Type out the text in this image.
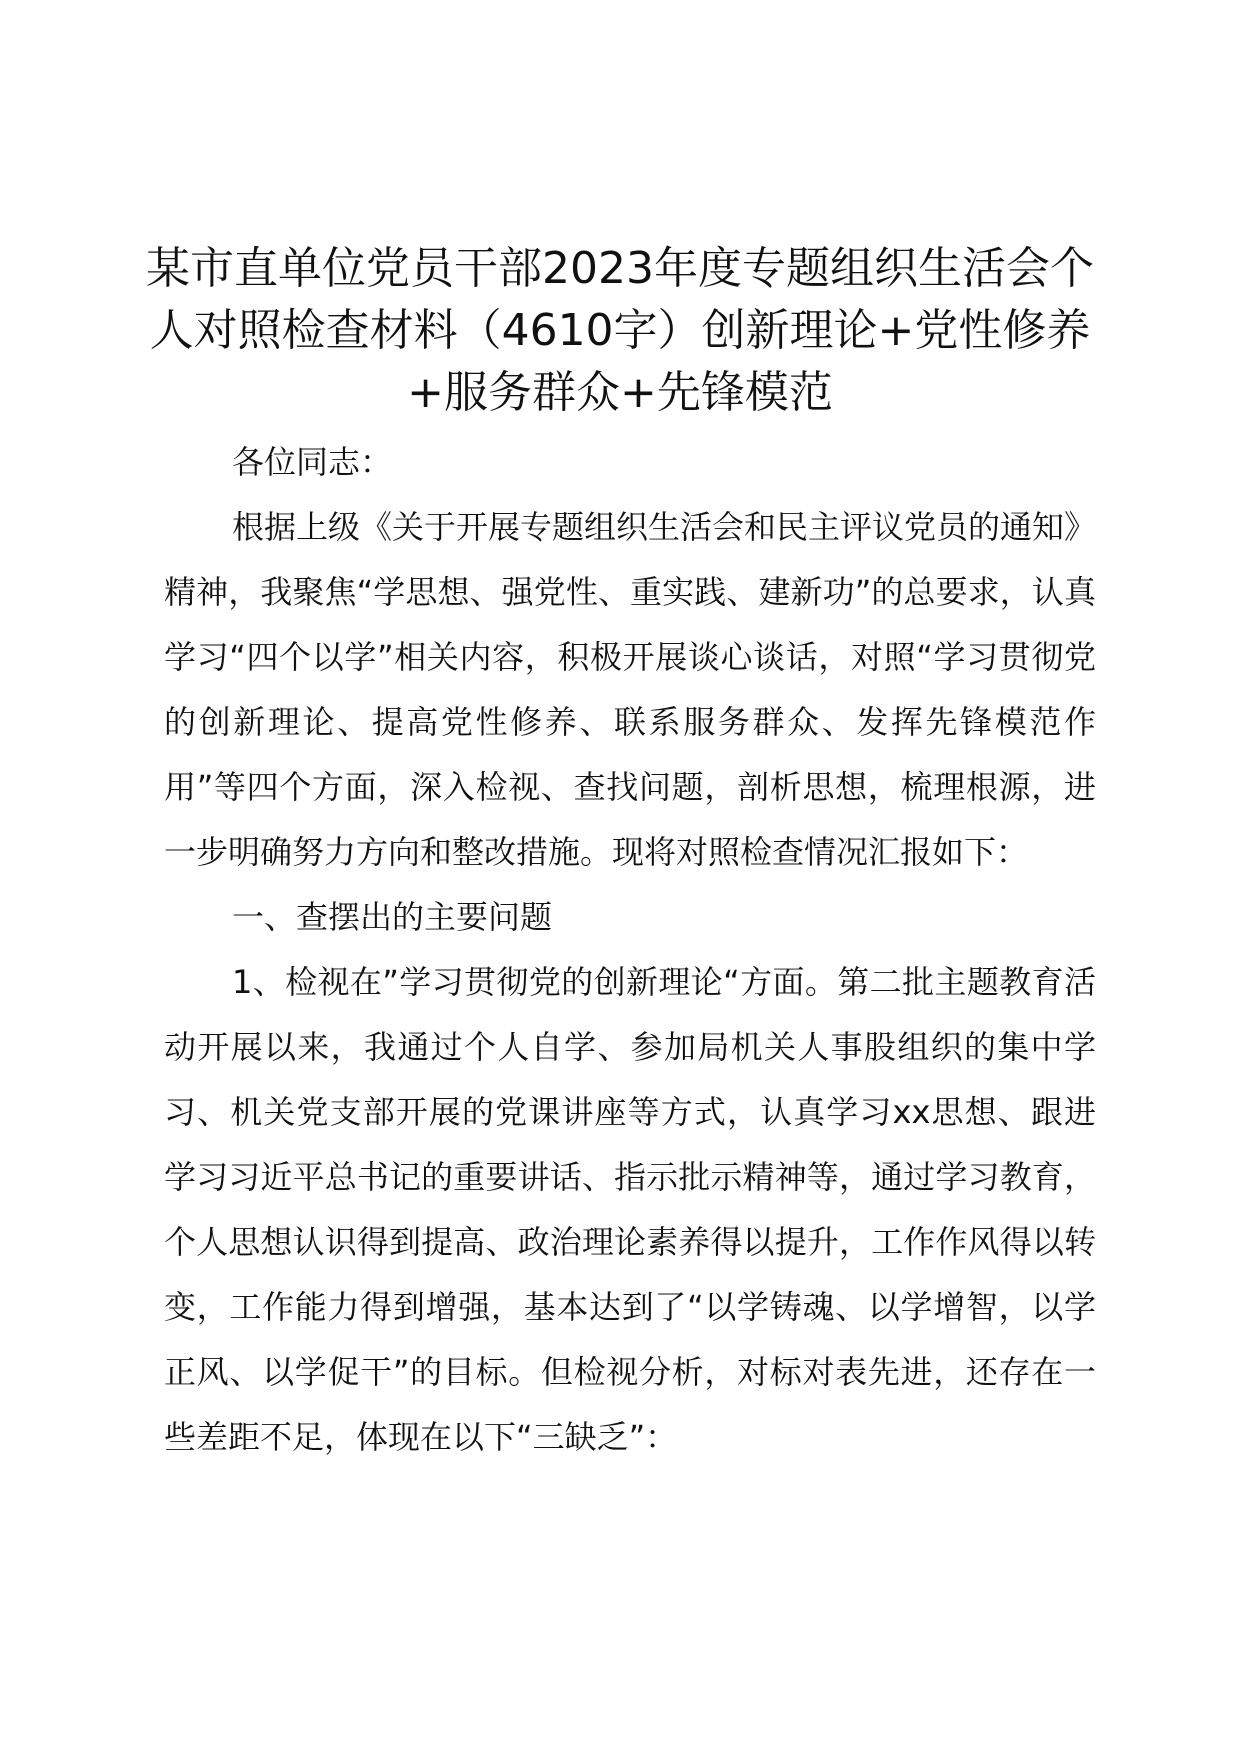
某市直单位党员干部2023年度专题组织生活会个人对照检查材料（4610字）创新理论+党性修养+服务群众+先锋模范

各位同志：

根据上级《关于开展专题组织生活会和民主评议党员的通知》精神，我聚焦“学思想、强党性、重实践、建新功”的总要求，认真学习“四个以学”相关内容，积极开展谈心谈话，对照“学习贯彻党的创新理论、提高党性修养、联系服务群众、发挥先锋模范作用”等四个方面，深入检视、查找问题，剖析思想，梳理根源，进一步明确努力方向和整改措施。现将对照检查情况汇报如下：

一、查摆出的主要问题

1、检视在”学习贯彻党的创新理论“方面。第二批主题教育活动开展以来，我通过个人自学、参加局机关人事股组织的集中学习、机关党支部开展的党课讲座等方式，认真学习xx思想、跟进学习习近平总书记的重要讲话、指示批示精神等，通过学习教育，个人思想认识得到提高、政治理论素养得以提升，工作作风得以转变，工作能力得到增强，基本达到了“以学铸魂、以学增智，以学正风、以学促干”的目标。但检视分析，对标对表先进，还存在一些差距不足，体现在以下“三缺乏”：
